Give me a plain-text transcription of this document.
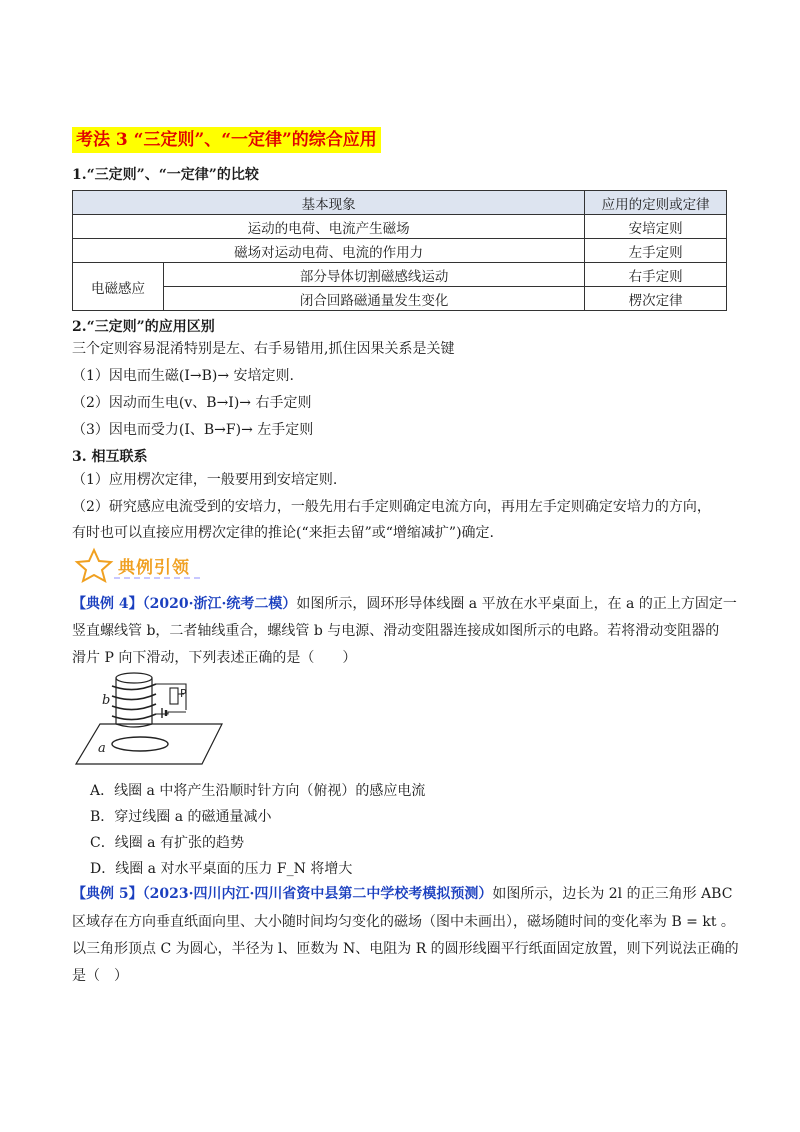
考法 3 “三定则”、“一定律”的综合应用
1.“三定则”、“一定律”的比较
基本现象		应用的定则或定律
运动的电荷、电流产生磁场		安培定则
磁场对运动电荷、电流的作用力		左手定则
电磁感应	部分导体切割磁感线运动	右手定则
	闭合回路磁通量发生变化	楞次定律
2.“三定则”的应用区别
三个定则容易混淆特别是左、右手易错用,抓住因果关系是关键
（1）因电而生磁(I→B)→ 安培定则.
（2）因动而生电(v、B→I)→ 右手定则
（3）因电而受力(I、B→F)→ 左手定则
3. 相互联系
（1）应用楞次定律，一般要用到安培定则.
（2）研究感应电流受到的安培力，一般先用右手定则确定电流方向，再用左手定则确定安培力的方向，
有时也可以直接应用楞次定律的推论(“来拒去留”或“增缩减扩”)确定.
典例引领
【典例 4】（2020·浙江·统考二模）如图所示，圆环形导体线圈 a 平放在水平桌面上，在 a 的正上方固定一
竖直螺线管 b，二者轴线重合，螺线管 b 与电源、滑动变阻器连接成如图所示的电路。若将滑动变阻器的
滑片 P 向下滑动，下列表述正确的是（　　）
b	P
a
A．线圈 a 中将产生沿顺时针方向（俯视）的感应电流
B．穿过线圈 a 的磁通量减小
C．线圈 a 有扩张的趋势
D．线圈 a 对水平桌面的压力 F_N 将增大
【典例 5】（2023·四川内江·四川省资中县第二中学校考模拟预测）如图所示，边长为 2l 的正三角形 ABC
区域存在方向垂直纸面向里、大小随时间均匀变化的磁场（图中未画出），磁场随时间的变化率为 B = kt 。
以三角形顶点 C 为圆心，半径为 l、匝数为 N、电阻为 R 的圆形线圈平行纸面固定放置，则下列说法正确的
是（　）
